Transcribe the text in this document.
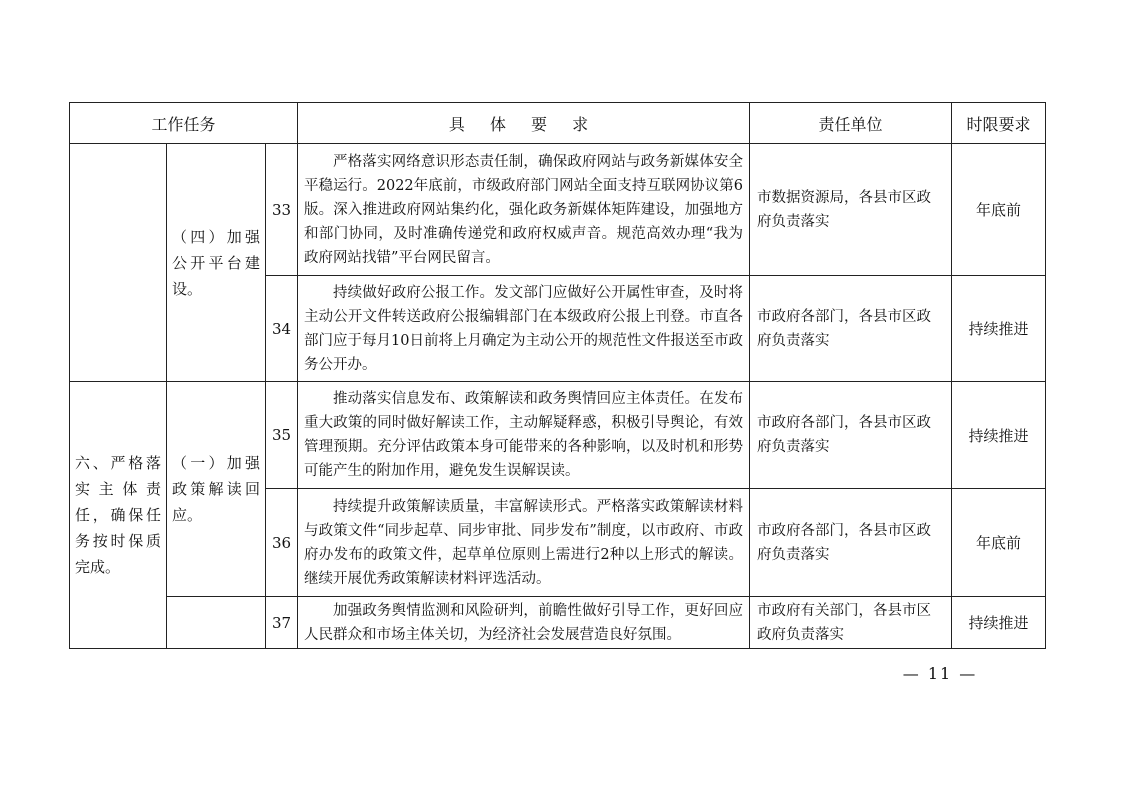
工作任务			具 体 要 求	责任单位	时限要求

	（四）加强公开平台建设。	33	严格落实网络意识形态责任制，确保政府网站与政务新媒体安全平稳运行。2022年底前，市级政府部门网站全面支持互联网协议第6版。深入推进政府网站集约化，强化政务新媒体矩阵建设，加强地方和部门协同，及时准确传递党和政府权威声音。规范高效办理“我为政府网站找错”平台网民留言。	市数据资源局，各县市区政府负责落实	年底前
		34	持续做好政府公报工作。发文部门应做好公开属性审查，及时将主动公开文件转送政府公报编辑部门在本级政府公报上刊登。市直各部门应于每月10日前将上月确定为主动公开的规范性文件报送至市政务公开办。	市政府各部门，各县市区政府负责落实	持续推进

六、严格落实主体责任，确保任务按时保质完成。	（一）加强政策解读回应。	35	推动落实信息发布、政策解读和政务舆情回应主体责任。在发布重大政策的同时做好解读工作，主动解疑释惑，积极引导舆论，有效管理预期。充分评估政策本身可能带来的各种影响，以及时机和形势可能产生的附加作用，避免发生误解误读。	市政府各部门，各县市区政府负责落实	持续推进
		36	持续提升政策解读质量，丰富解读形式。严格落实政策解读材料与政策文件“同步起草、同步审批、同步发布”制度，以市政府、市政府办发布的政策文件，起草单位原则上需进行2种以上形式的解读。继续开展优秀政策解读材料评选活动。	市政府各部门，各县市区政府负责落实	年底前
		37	加强政务舆情监测和风险研判，前瞻性做好引导工作，更好回应人民群众和市场主体关切，为经济社会发展营造良好氛围。	市政府有关部门，各县市区政府负责落实	持续推进
— 11 —
